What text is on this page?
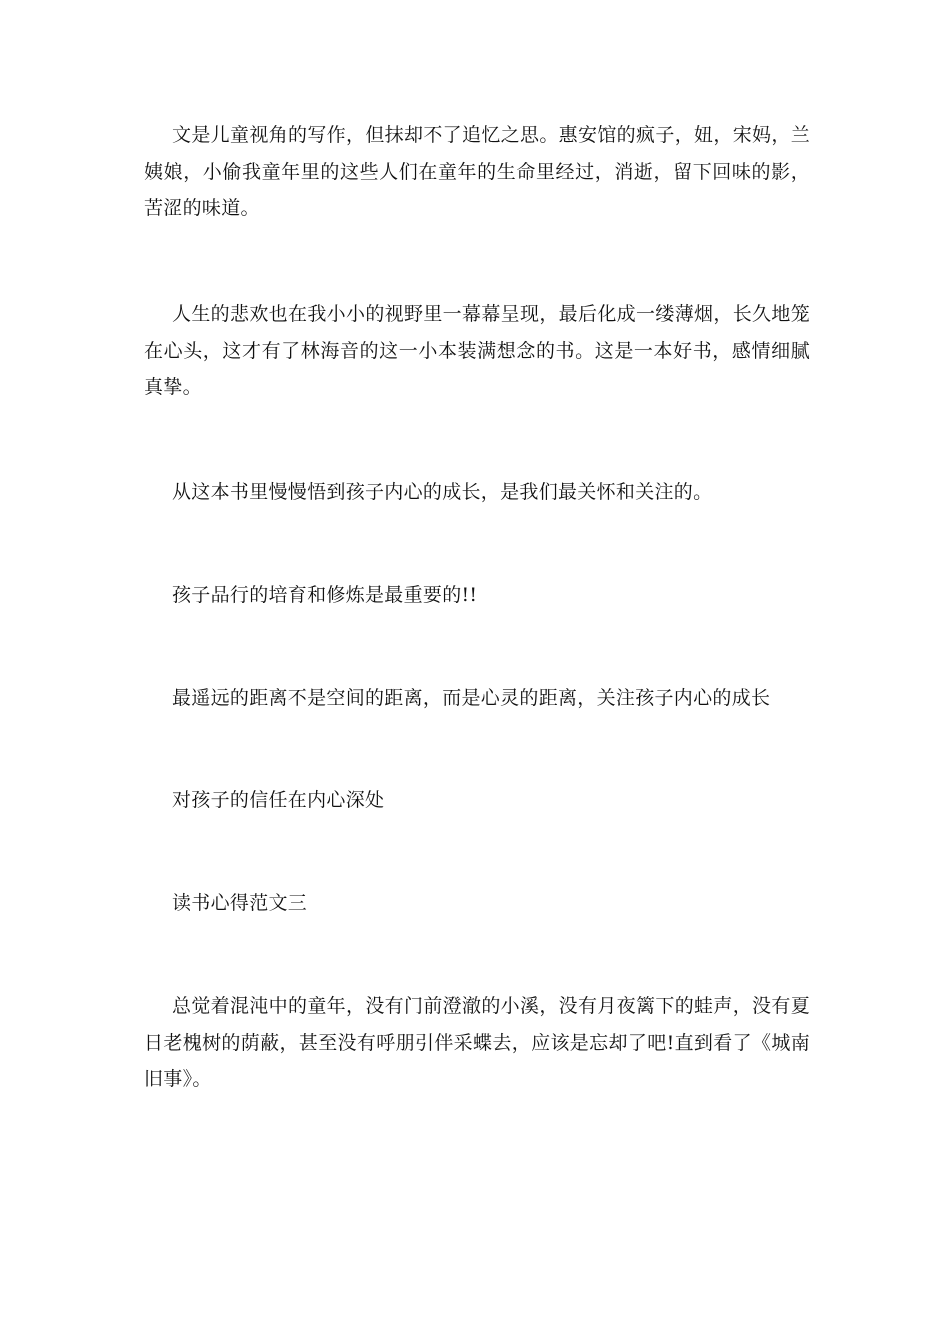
文是儿童视角的写作，但抹却不了追忆之思。惠安馆的疯子，妞，宋妈，兰姨娘，小偷我童年里的这些人们在童年的生命里经过，消逝，留下回味的影，苦涩的味道。

人生的悲欢也在我小小的视野里一幕幕呈现，最后化成一缕薄烟，长久地笼在心头，这才有了林海音的这一小本装满想念的书。这是一本好书，感情细腻真挚。

从这本书里慢慢悟到孩子内心的成长，是我们最关怀和关注的。

孩子品行的培育和修炼是最重要的!!

最遥远的距离不是空间的距离，而是心灵的距离，关注孩子内心的成长

对孩子的信任在内心深处

读书心得范文三

总觉着混沌中的童年，没有门前澄澈的小溪，没有月夜篱下的蛙声，没有夏日老槐树的荫蔽，甚至没有呼朋引伴采蝶去，应该是忘却了吧!直到看了《城南旧事》。
